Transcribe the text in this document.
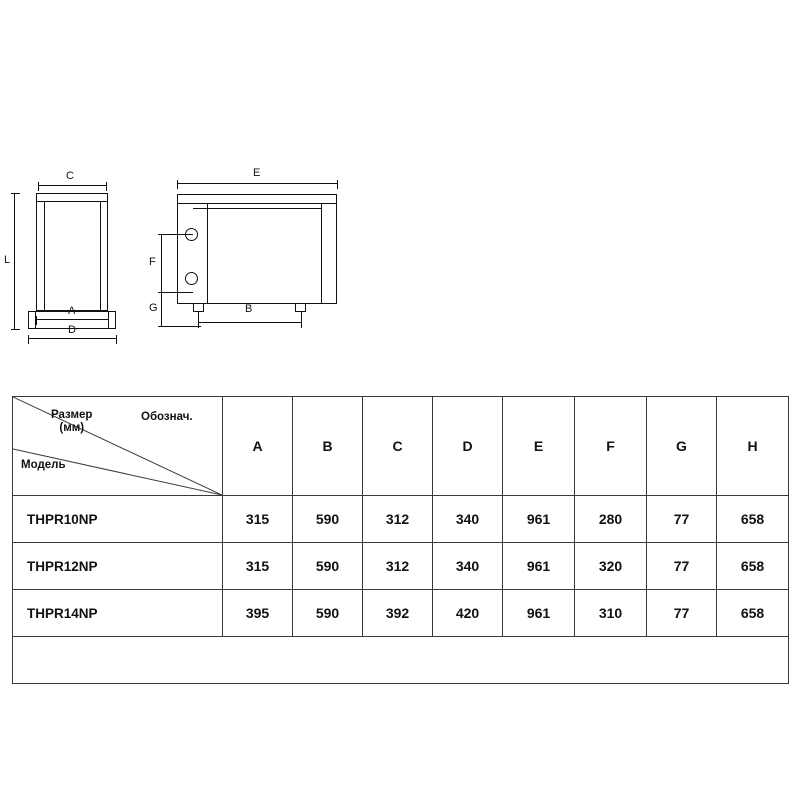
C
L
A
D
E
F
G	B
Размер
(мм)
Обознач.
Модель	A	B	C	D	E	F	G	H
THPR10NP	315	590	312	340	961	280	77	658
THPR12NP	315	590	312	340	961	320	77	658
THPR14NP	395	590	392	420	961	310	77	658
